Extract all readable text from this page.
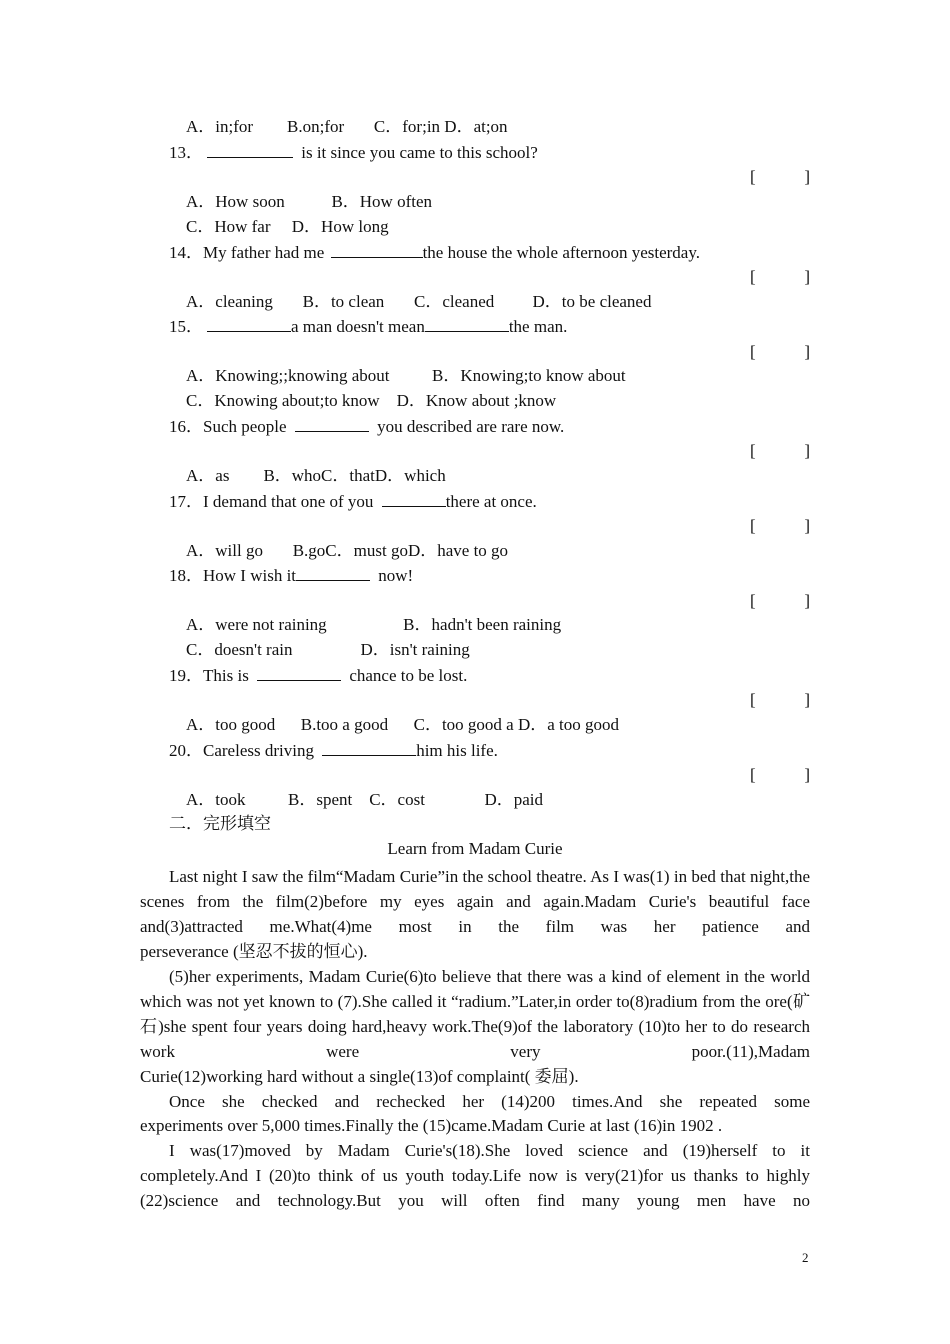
A．in;for        B.on;for       C．for;in D．at;on
13．	is it since you came to this school?
[	]
A．How soon           B．How often
C．How far     D．How long
14．My father had me	the house the whole afternoon yesterday.
[	]
A．cleaning       B．to clean       C．cleaned         D．to be cleaned
15．	a man doesn't mean	the man.
[	]
A．Knowing;;knowing about          B．Knowing;to know about
C．Knowing about;to know    D．Know about ;know
16．Such people	you described are rare now.
[	]
A．as        B．whoC．thatD．which
17．I demand that one of you	there at once.
[	]
A．will go       B.goC．must goD．have to go
18．How I wish it	now!
[	]
A．were not raining                  B．hadn't been raining
C．doesn't rain                D．isn't raining
19．This is	chance to be lost.
[	]
A．too good      B.too a good      C．too good a D．a too good
20．Careless driving	him his life.
[	]
A．took          B．spent    C．cost              D．paid
二．完形填空
Learn from Madam Curie
Last night I saw the film“Madam Curie”in the school theatre. As I was(1) in bed that night,the scenes from the film(2)before my eyes again and again.Madam Curie's beautiful face and(3)attracted me.What(4)me most in the film was her patience and
perseverance (坚忍不拔的恒心).
(5)her experiments, Madam Curie(6)to believe that there was a kind of element in the world which was not yet known to (7).She called it “radium.”Later,in order to(8)radium from the ore(矿石)she spent four years doing hard,heavy work.The(9)of the laboratory (10)to her to do research work were very poor.(11),Madam
Curie(12)working hard without a single(13)of complaint( 委屈).
Once she checked and rechecked her (14)200 times.And she repeated some
experiments over 5,000 times.Finally the (15)came.Madam Curie at last (16)in 1902 .
I was(17)moved by Madam Curie's(18).She loved science and (19)herself to it completely.And I (20)to think of us youth today.Life now is very(21)for us thanks to highly (22)science and technology.But you will often find many young men have no
2
